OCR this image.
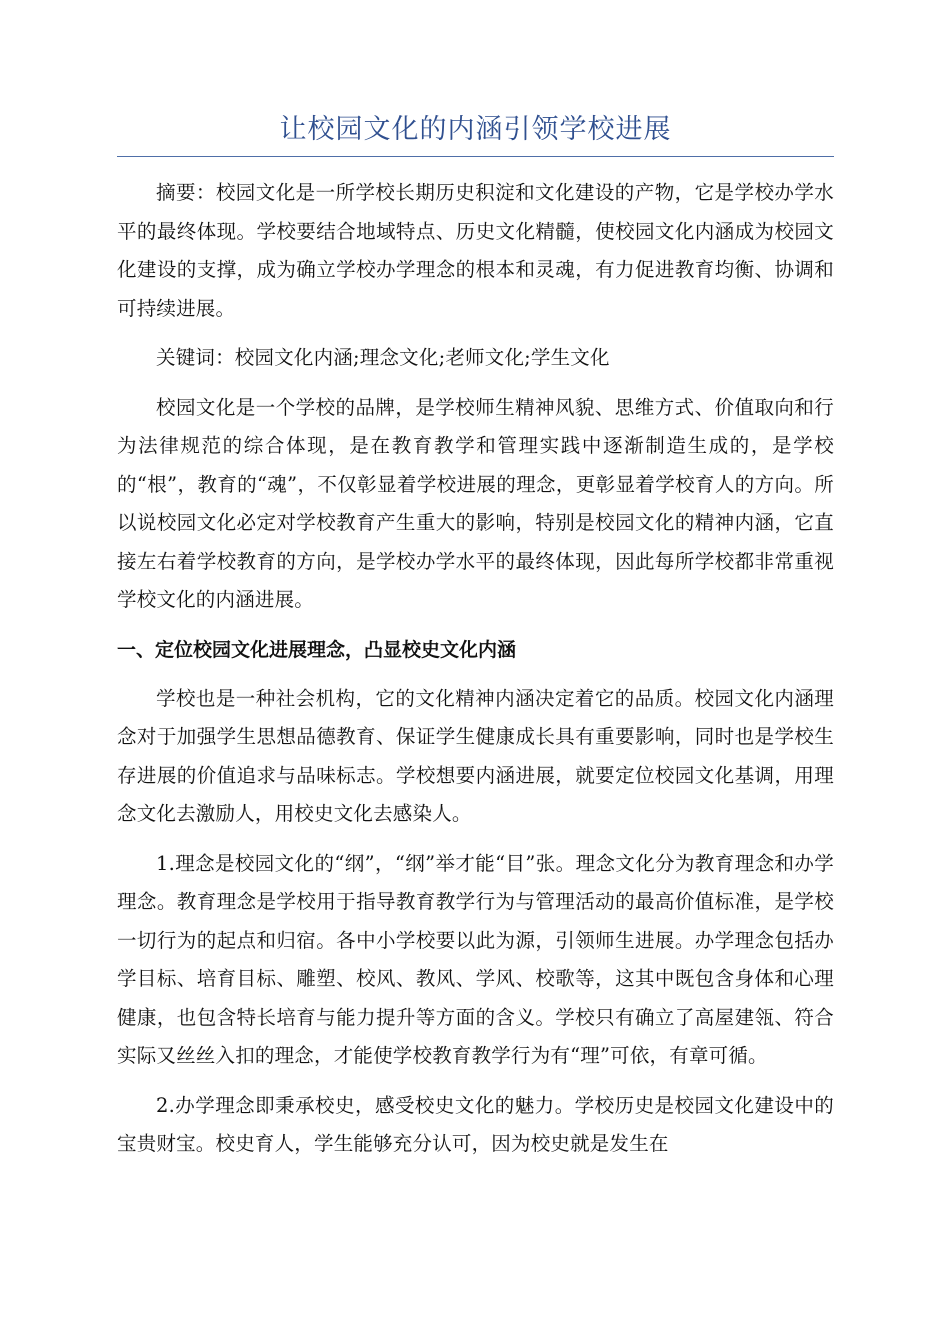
让校园文化的内涵引领学校进展

摘要：校园文化是一所学校长期历史积淀和文化建设的产物，它是学校办学水平的最终体现。学校要结合地域特点、历史文化精髓，使校园文化内涵成为校园文化建设的支撑，成为确立学校办学理念的根本和灵魂，有力促进教育均衡、协调和可持续进展。

关键词：校园文化内涵;理念文化;老师文化;学生文化

校园文化是一个学校的品牌，是学校师生精神风貌、思维方式、价值取向和行为法律规范的综合体现，是在教育教学和管理实践中逐渐制造生成的，是学校的“根”，教育的“魂”，不仅彰显着学校进展的理念，更彰显着学校育人的方向。所以说校园文化必定对学校教育产生重大的影响，特别是校园文化的精神内涵，它直接左右着学校教育的方向，是学校办学水平的最终体现，因此每所学校都非常重视学校文化的内涵进展。

一、定位校园文化进展理念，凸显校史文化内涵

学校也是一种社会机构，它的文化精神内涵决定着它的品质。校园文化内涵理念对于加强学生思想品德教育、保证学生健康成长具有重要影响，同时也是学校生存进展的价值追求与品味标志。学校想要内涵进展，就要定位校园文化基调，用理念文化去激励人，用校史文化去感染人。

1.理念是校园文化的“纲”，“纲”举才能“目”张。理念文化分为教育理念和办学理念。教育理念是学校用于指导教育教学行为与管理活动的最高价值标准，是学校一切行为的起点和归宿。各中小学校要以此为源，引领师生进展。办学理念包括办学目标、培育目标、雕塑、校风、教风、学风、校歌等，这其中既包含身体和心理健康，也包含特长培育与能力提升等方面的含义。学校只有确立了高屋建瓴、符合实际又丝丝入扣的理念，才能使学校教育教学行为有“理”可依，有章可循。

2.办学理念即秉承校史，感受校史文化的魅力。学校历史是校园文化建设中的宝贵财宝。校史育人，学生能够充分认可，因为校史就是发生在
